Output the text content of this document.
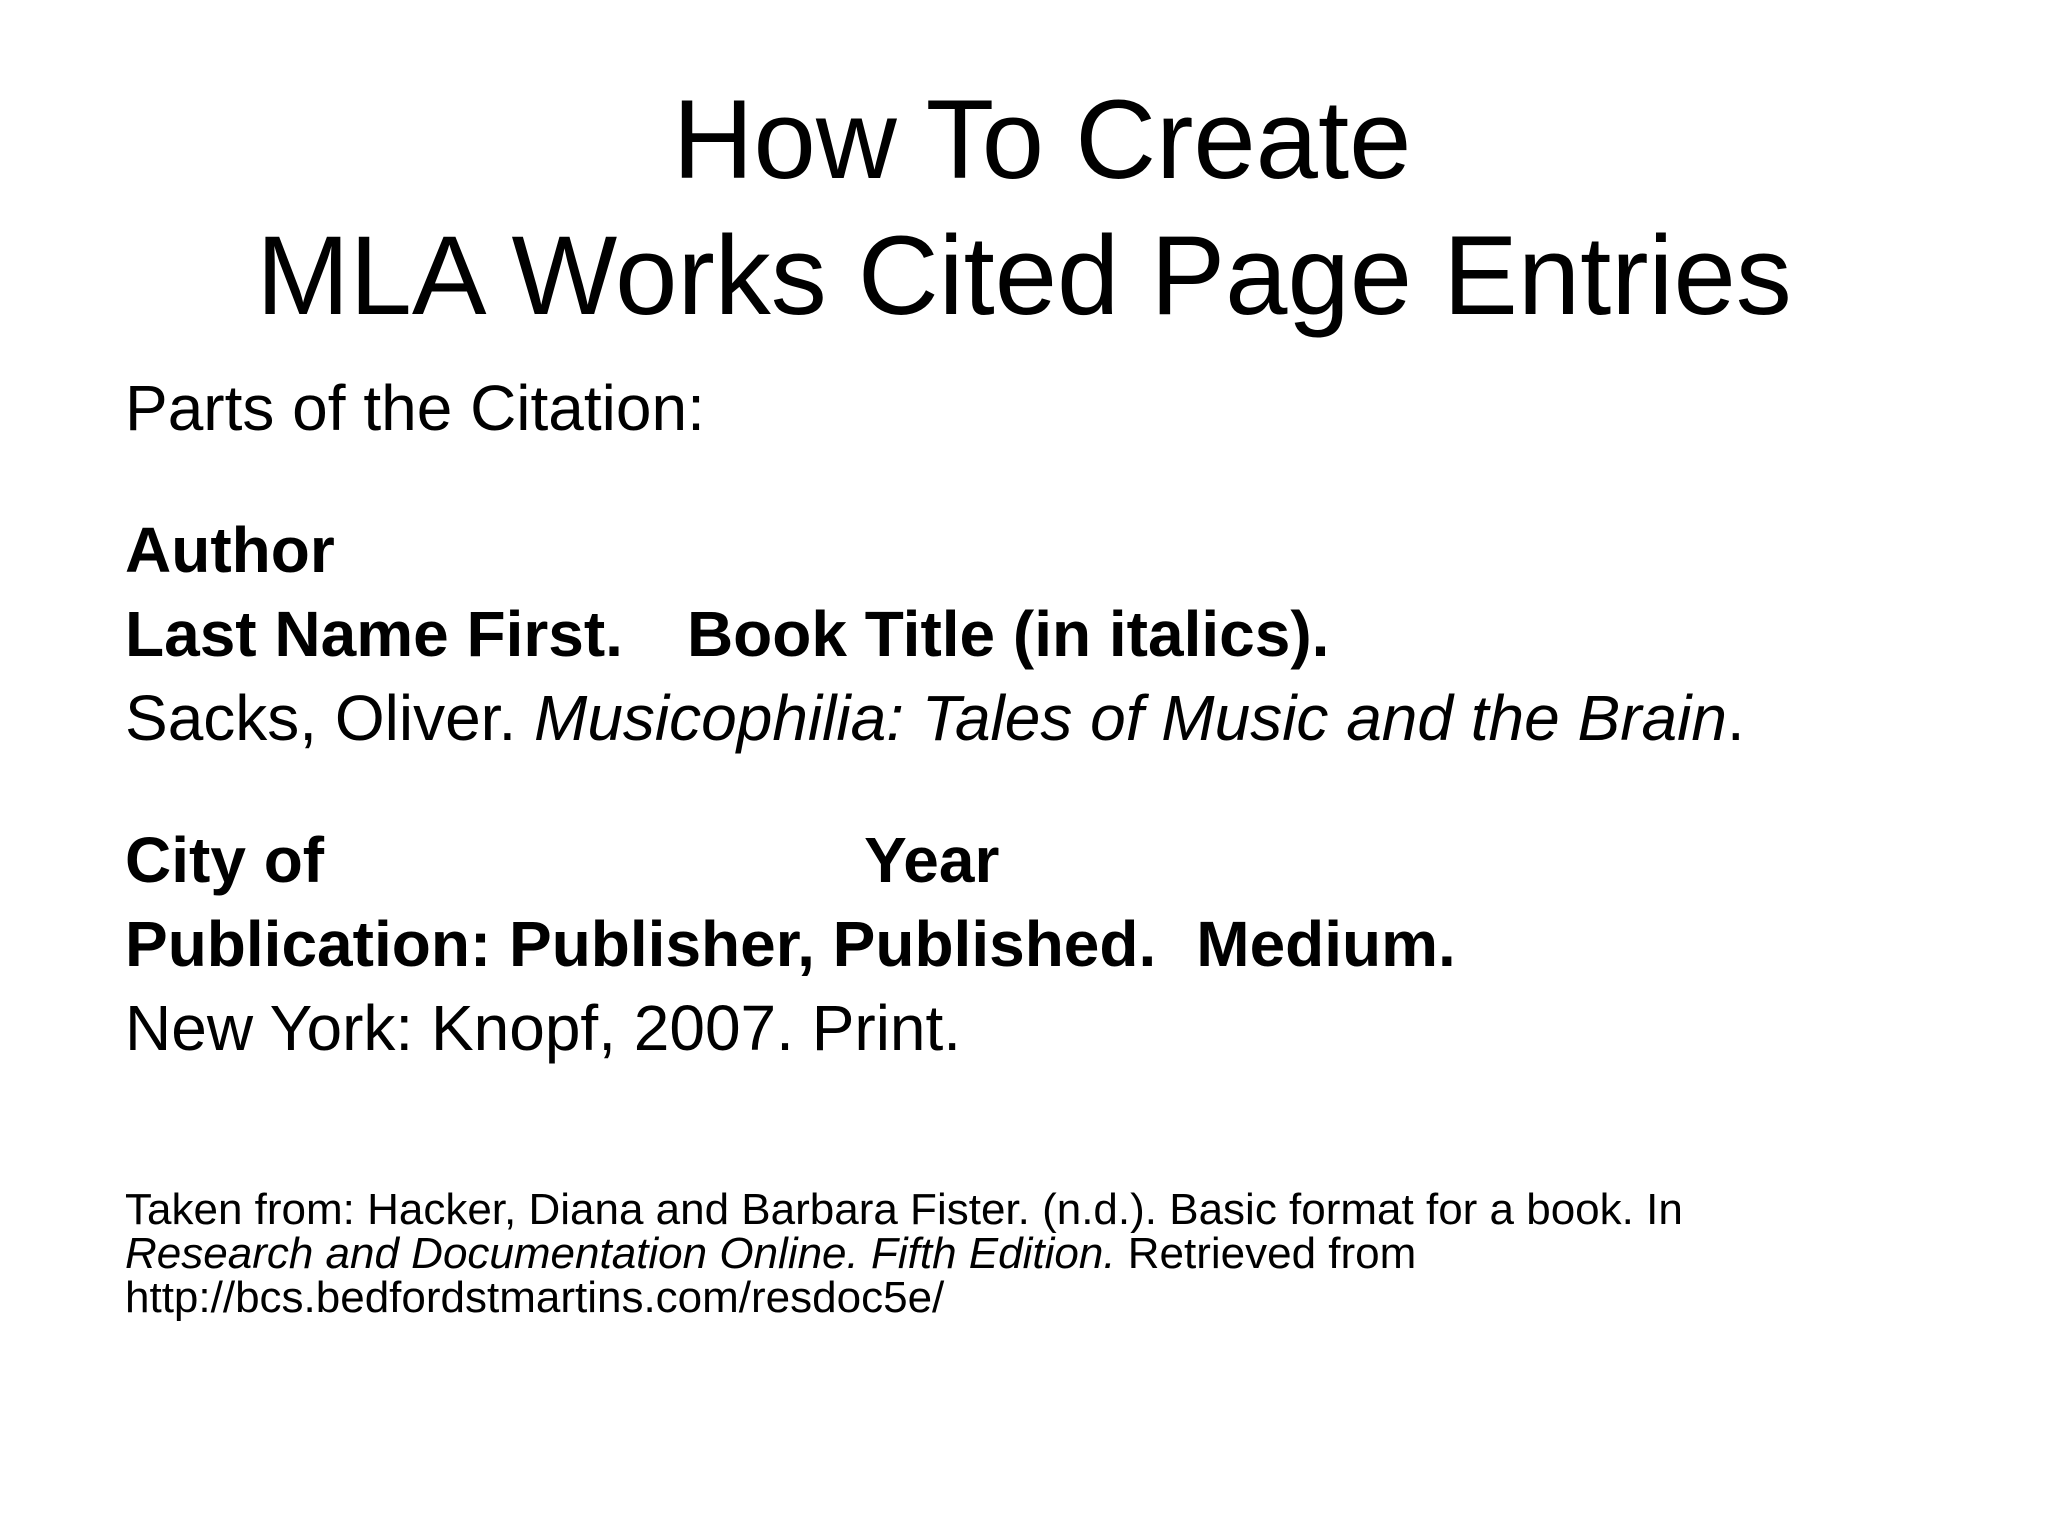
How To Create
MLA Works Cited Page Entries

Parts of the Citation:

Author

Last Name First. Book Title (in italics).

Sacks, Oliver. Musicophilia: Tales of Music and the Brain.

City of	Year

Publication: Publisher, Published. Medium.

New York: Knopf, 2007. Print.

Taken from: Hacker, Diana and Barbara Fister. (n.d.). Basic format for a book. In
Research and Documentation Online. Fifth Edition. Retrieved from
http://bcs.bedfordstmartins.com/resdoc5e/
